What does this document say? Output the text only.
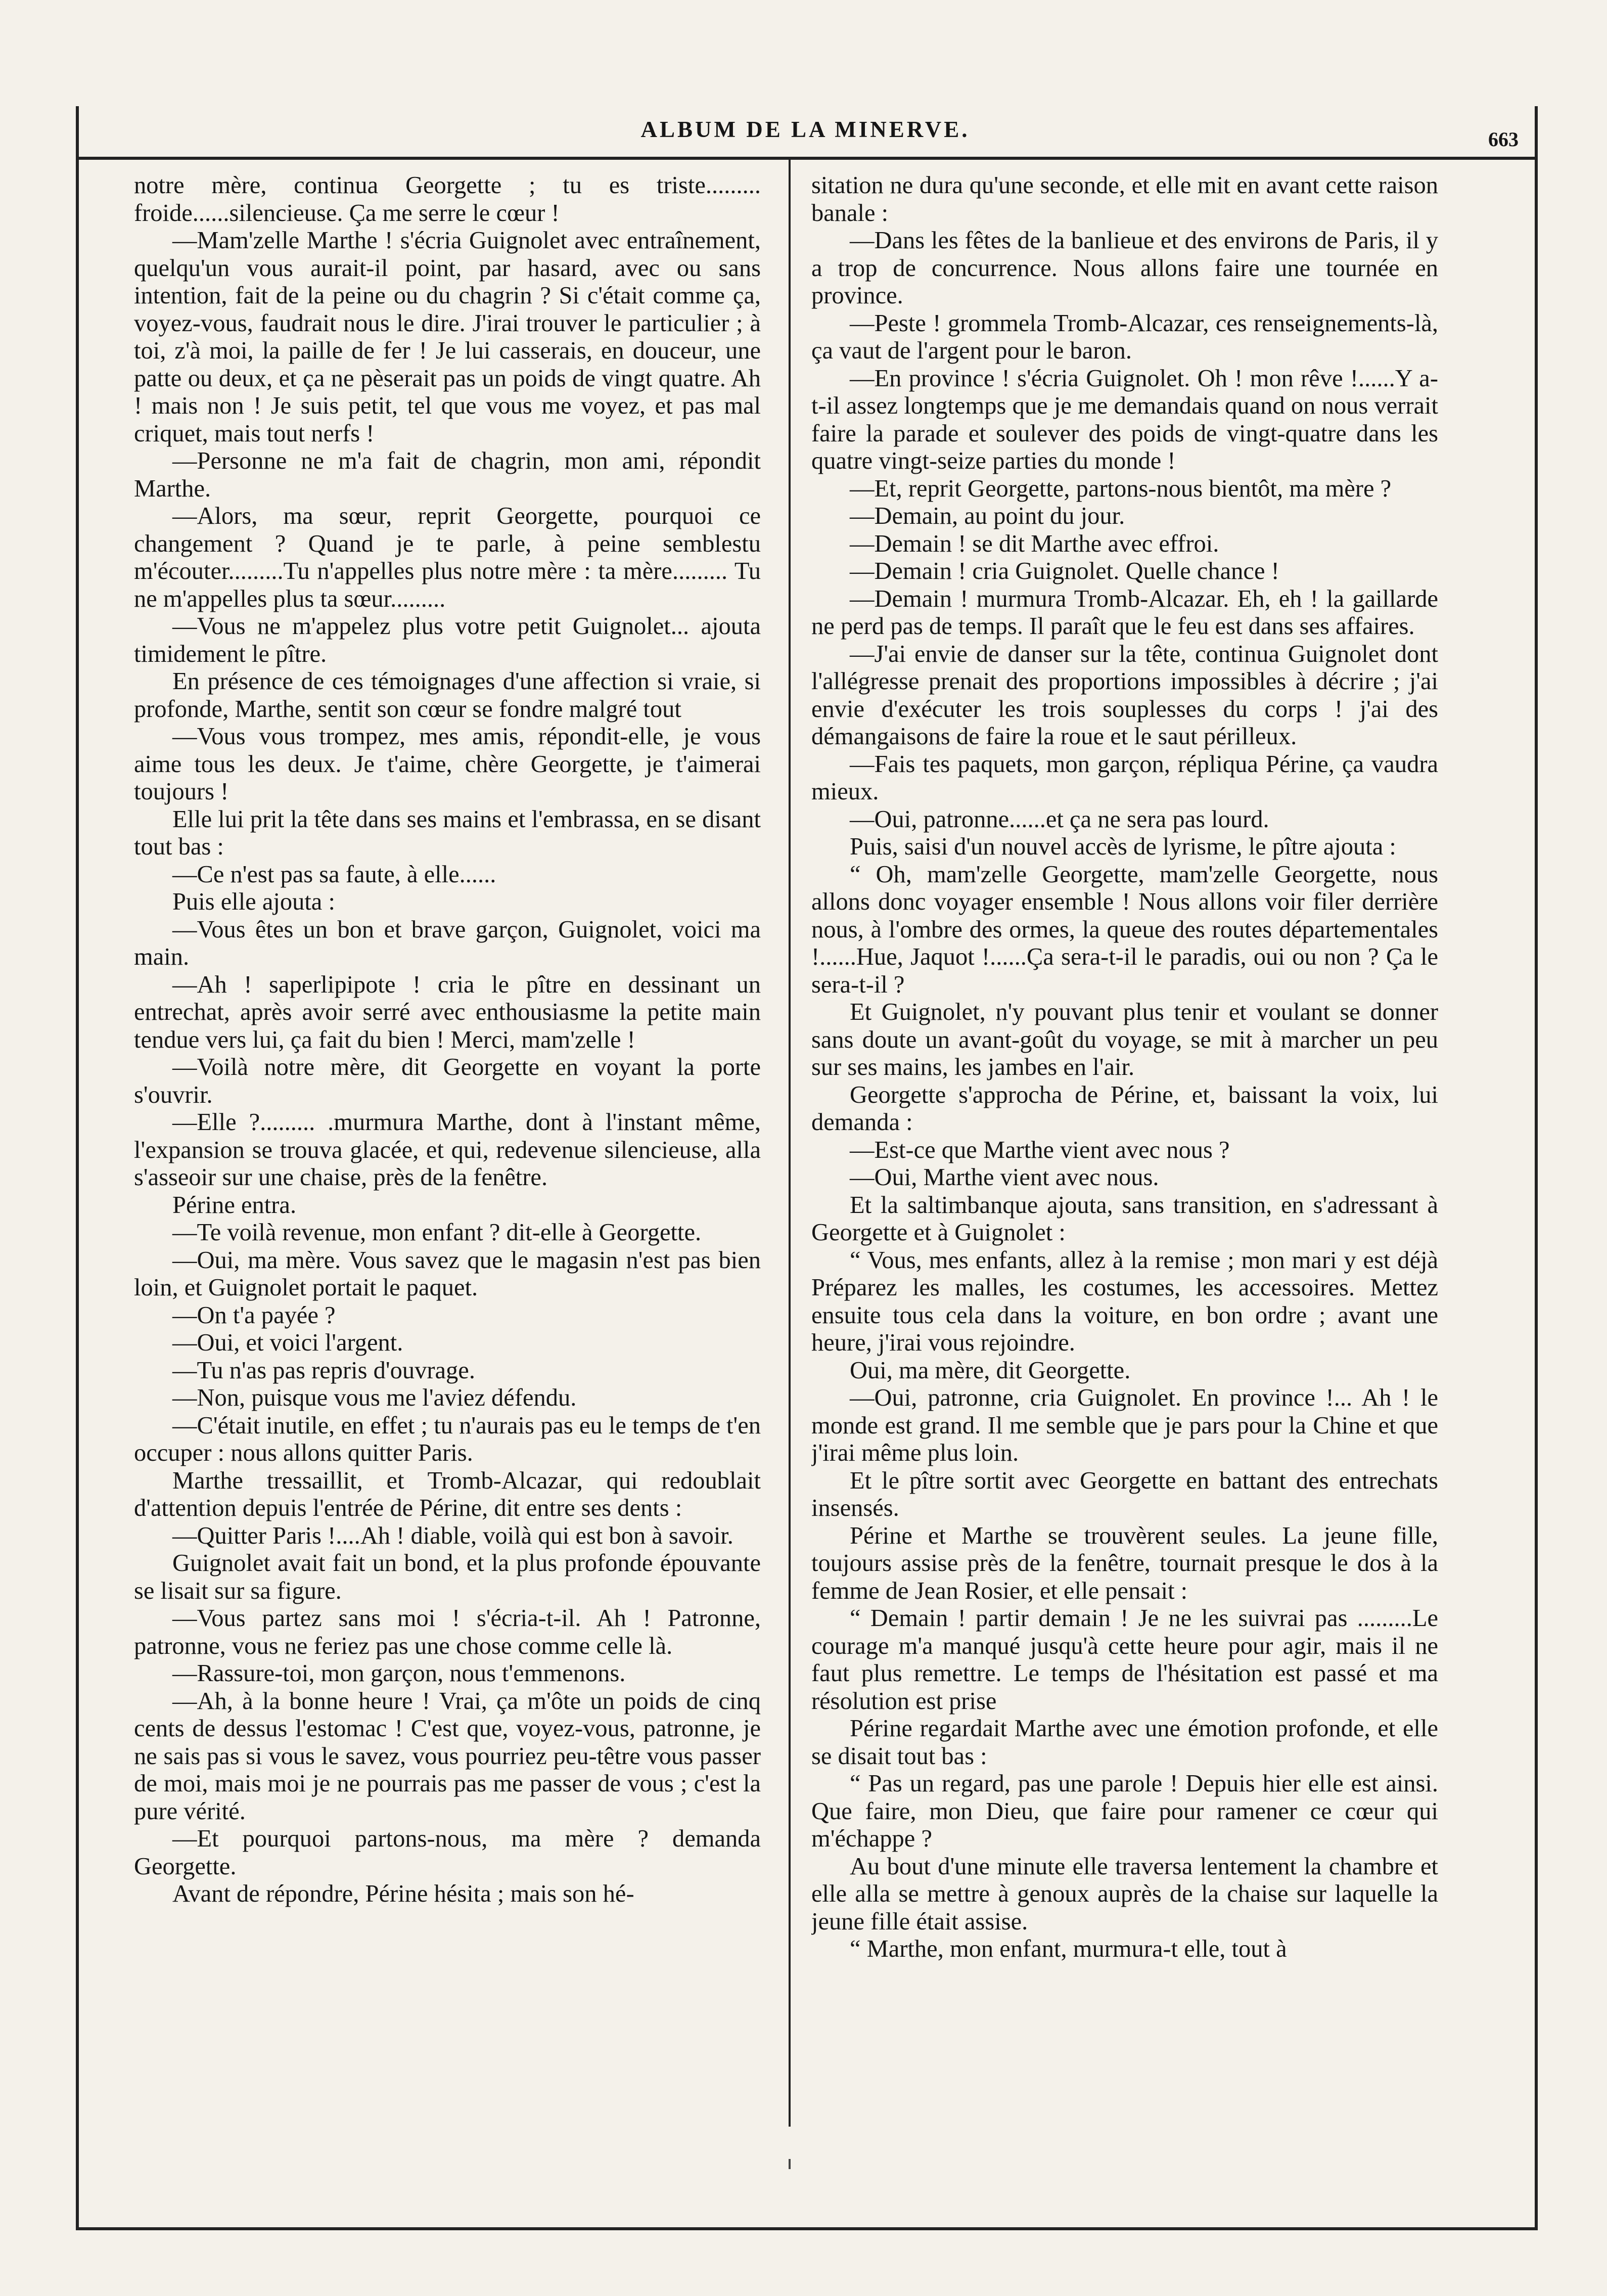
ALBUM DE LA MINERVE.	663

notre mère, continua Georgette ; tu es triste......... froide......silencieuse. Ça me serre le cœur !

—Mam'zelle Marthe ! s'écria Guignolet avec entraînement, quelqu'un vous aurait-il point, par hasard, avec ou sans intention, fait de la peine ou du chagrin ? Si c'était comme ça, voyez-vous, faudrait nous le dire. J'irai trouver le particulier ; à toi, z'à moi, la paille de fer ! Je lui casserais, en douceur, une patte ou deux, et ça ne pèserait pas un poids de vingt quatre. Ah ! mais non ! Je suis petit, tel que vous me voyez, et pas mal criquet, mais tout nerfs !

—Personne ne m'a fait de chagrin, mon ami, répondit Marthe.

—Alors, ma sœur, reprit Georgette, pourquoi ce changement ? Quand je te parle, à peine semblestu m'écouter.........Tu n'appelles plus notre mère : ta mère......... Tu ne m'appelles plus ta sœur.........

—Vous ne m'appelez plus votre petit Guignolet... ajouta timidement le pître.

En présence de ces témoignages d'une affection si vraie, si profonde, Marthe, sentit son cœur se fondre malgré tout

—Vous vous trompez, mes amis, répondit-elle, je vous aime tous les deux. Je t'aime, chère Georgette, je t'aimerai toujours !

Elle lui prit la tête dans ses mains et l'embrassa, en se disant tout bas :

—Ce n'est pas sa faute, à elle......

Puis elle ajouta :

—Vous êtes un bon et brave garçon, Guignolet, voici ma main.

—Ah ! saperlipipote ! cria le pître en dessinant un entrechat, après avoir serré avec enthousiasme la petite main tendue vers lui, ça fait du bien ! Merci, mam'zelle !

—Voilà notre mère, dit Georgette en voyant la porte s'ouvrir.

—Elle ?......... .murmura Marthe, dont à l'instant même, l'expansion se trouva glacée, et qui, redevenue silencieuse, alla s'asseoir sur une chaise, près de la fenêtre.

Périne entra.

—Te voilà revenue, mon enfant ? dit-elle à Georgette.

—Oui, ma mère. Vous savez que le magasin n'est pas bien loin, et Guignolet portait le paquet.

—On t'a payée ?

—Oui, et voici l'argent.

—Tu n'as pas repris d'ouvrage.

—Non, puisque vous me l'aviez défendu.

—C'était inutile, en effet ; tu n'aurais pas eu le temps de t'en occuper : nous allons quitter Paris.

Marthe tressaillit, et Tromb-Alcazar, qui redoublait d'attention depuis l'entrée de Périne, dit entre ses dents :

—Quitter Paris !....Ah ! diable, voilà qui est bon à savoir.

Guignolet avait fait un bond, et la plus profonde épouvante se lisait sur sa figure.

—Vous partez sans moi ! s'écria-t-il. Ah ! Patronne, patronne, vous ne feriez pas une chose comme celle là.

—Rassure-toi, mon garçon, nous t'emmenons.

—Ah, à la bonne heure ! Vrai, ça m'ôte un poids de cinq cents de dessus l'estomac ! C'est que, voyez-vous, patronne, je ne sais pas si vous le savez, vous pourriez peu-têtre vous passer de moi, mais moi je ne pourrais pas me passer de vous ; c'est la pure vérité.

—Et pourquoi partons-nous, ma mère ? demanda Georgette.

Avant de répondre, Périne hésita ; mais son hé-

sitation ne dura qu'une seconde, et elle mit en avant cette raison banale :

—Dans les fêtes de la banlieue et des environs de Paris, il y a trop de concurrence. Nous allons faire une tournée en province.

—Peste ! grommela Tromb-Alcazar, ces renseignements-là, ça vaut de l'argent pour le baron.

—En province ! s'écria Guignolet. Oh ! mon rêve !......Y a-t-il assez longtemps que je me demandais quand on nous verrait faire la parade et soulever des poids de vingt-quatre dans les quatre vingt-seize parties du monde !

—Et, reprit Georgette, partons-nous bientôt, ma mère ?

—Demain, au point du jour.

—Demain ! se dit Marthe avec effroi.

—Demain ! cria Guignolet. Quelle chance !

—Demain ! murmura Tromb-Alcazar. Eh, eh ! la gaillarde ne perd pas de temps. Il paraît que le feu est dans ses affaires.

—J'ai envie de danser sur la tête, continua Guignolet dont l'allégresse prenait des proportions impossibles à décrire ; j'ai envie d'exécuter les trois souplesses du corps ! j'ai des démangaisons de faire la roue et le saut périlleux.

—Fais tes paquets, mon garçon, répliqua Périne, ça vaudra mieux.

—Oui, patronne......et ça ne sera pas lourd.

Puis, saisi d'un nouvel accès de lyrisme, le pître ajouta :

“ Oh, mam'zelle Georgette, mam'zelle Georgette, nous allons donc voyager ensemble ! Nous allons voir filer derrière nous, à l'ombre des ormes, la queue des routes départementales !......Hue, Jaquot !......Ça sera-t-il le paradis, oui ou non ? Ça le sera-t-il ?

Et Guignolet, n'y pouvant plus tenir et voulant se donner sans doute un avant-goût du voyage, se mit à marcher un peu sur ses mains, les jambes en l'air.

Georgette s'approcha de Périne, et, baissant la voix, lui demanda :

—Est-ce que Marthe vient avec nous ?

—Oui, Marthe vient avec nous.

Et la saltimbanque ajouta, sans transition, en s'adressant à Georgette et à Guignolet :

“ Vous, mes enfants, allez à la remise ; mon mari y est déjà Préparez les malles, les costumes, les accessoires. Mettez ensuite tous cela dans la voiture, en bon ordre ; avant une heure, j'irai vous rejoindre.

Oui, ma mère, dit Georgette.

—Oui, patronne, cria Guignolet. En province !... Ah ! le monde est grand. Il me semble que je pars pour la Chine et que j'irai même plus loin.

Et le pître sortit avec Georgette en battant des entrechats insensés.

Périne et Marthe se trouvèrent seules. La jeune fille, toujours assise près de la fenêtre, tournait presque le dos à la femme de Jean Rosier, et elle pensait :

“ Demain ! partir demain ! Je ne les suivrai pas .........Le courage m'a manqué jusqu'à cette heure pour agir, mais il ne faut plus remettre. Le temps de l'hésitation est passé et ma résolution est prise

Périne regardait Marthe avec une émotion profonde, et elle se disait tout bas :

“ Pas un regard, pas une parole ! Depuis hier elle est ainsi. Que faire, mon Dieu, que faire pour ramener ce cœur qui m'échappe ?

Au bout d'une minute elle traversa lentement la chambre et elle alla se mettre à genoux auprès de la chaise sur laquelle la jeune fille était assise.

“ Marthe, mon enfant, murmura-t elle, tout à
